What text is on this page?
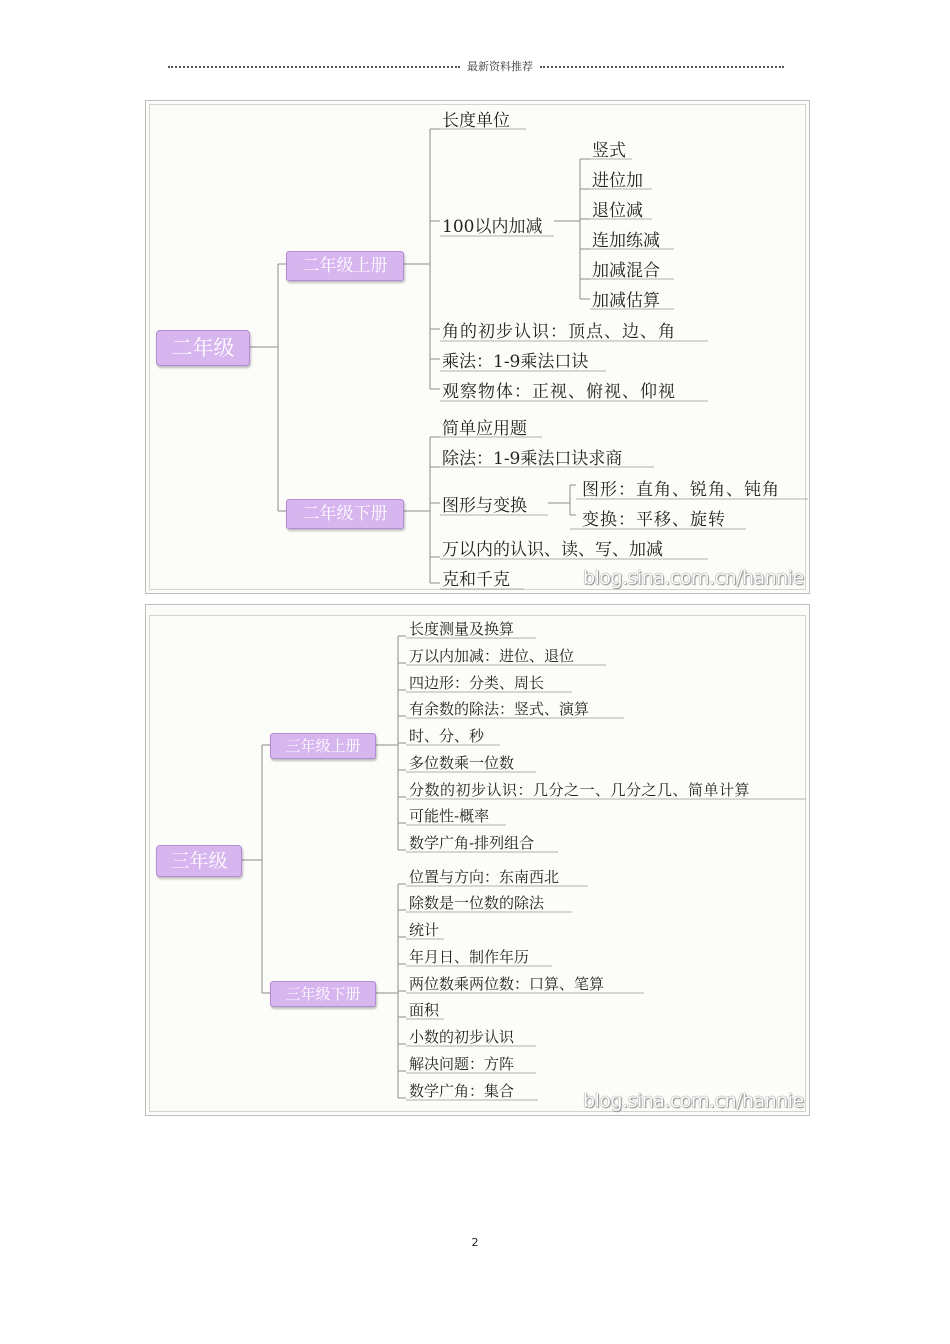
最新资料推荐
二年级
二年级上册
二年级下册
长度单位
100以内加减
角的初步认识：顶点、边、角
乘法：1-9乘法口诀
观察物体：正视、俯视、仰视
竖式
进位加
退位减
连加练减
加减混合
加减估算
简单应用题
除法：1-9乘法口诀求商
图形与变换
万以内的认识、读、写、加减
克和千克
图形：直角、锐角、钝角
变换：平移、旋转
blog.sina.com.cn/hannie
三年级
三年级上册
三年级下册
长度测量及换算
万以内加减：进位、退位
四边形：分类、周长
有余数的除法：竖式、演算
时、分、秒
多位数乘一位数
分数的初步认识：几分之一、几分之几、简单计算
可能性-概率
数学广角-排列组合
位置与方向：东南西北
除数是一位数的除法
统计
年月日、制作年历
两位数乘两位数：口算、笔算
面积
小数的初步认识
解决问题：方阵
数学广角：集合	blog.sina.com.cn/hannie
2
